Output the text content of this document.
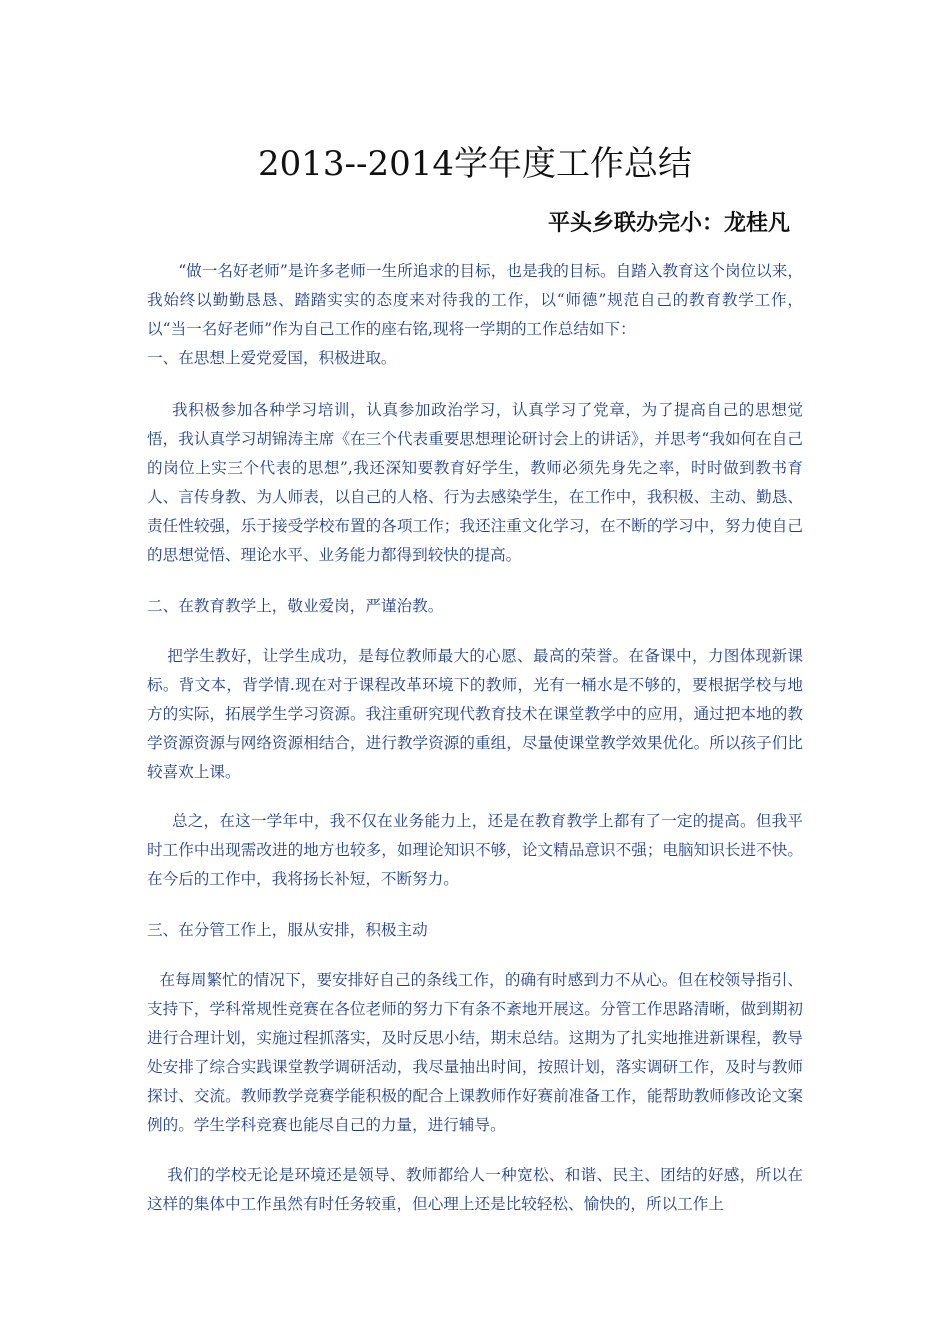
2013--2014学年度工作总结
平头乡联办完小：龙桂凡

“做一名好老师”是许多老师一生所追求的目标，也是我的目标。自踏入教育这个岗位以来，我始终以勤勤恳恳、踏踏实实的态度来对待我的工作，以“师德”规范自己的教育教学工作，以“当一名好老师”作为自己工作的座右铭,现将一学期的工作总结如下：

一、在思想上爱党爱国，积极进取。

我积极参加各种学习培训，认真参加政治学习，认真学习了党章，为了提高自己的思想觉悟，我认真学习胡锦涛主席《在三个代表重要思想理论研讨会上的讲话》，并思考“我如何在自己的岗位上实三个代表的思想”,我还深知要教育好学生，教师必须先身先之率，时时做到教书育人、言传身教、为人师表，以自己的人格、行为去感染学生，在工作中，我积极、主动、勤恳、责任性较强，乐于接受学校布置的各项工作；我还注重文化学习，在不断的学习中，努力使自己的思想觉悟、理论水平、业务能力都得到较快的提高。

二、在教育教学上，敬业爱岗，严谨治教。

把学生教好，让学生成功，是每位教师最大的心愿、最高的荣誉。在备课中，力图体现新课标。背文本，背学情.现在对于课程改革环境下的教师，光有一桶水是不够的，要根据学校与地方的实际，拓展学生学习资源。我注重研究现代教育技术在课堂教学中的应用，通过把本地的教学资源资源与网络资源相结合，进行教学资源的重组，尽量使课堂教学效果优化。所以孩子们比较喜欢上课。

总之，在这一学年中，我不仅在业务能力上，还是在教育教学上都有了一定的提高。但我平时工作中出现需改进的地方也较多，如理论知识不够，论文精品意识不强；电脑知识长进不快。在今后的工作中，我将扬长补短，不断努力。

三、在分管工作上，服从安排，积极主动

在每周繁忙的情况下，要安排好自己的条线工作，的确有时感到力不从心。但在校领导指引、支持下，学科常规性竞赛在各位老师的努力下有条不紊地开展这。分管工作思路清晰，做到期初进行合理计划，实施过程抓落实，及时反思小结，期末总结。这期为了扎实地推进新课程，教导处安排了综合实践课堂教学调研活动，我尽量抽出时间，按照计划，落实调研工作，及时与教师探讨、交流。教师教学竞赛学能积极的配合上课教师作好赛前准备工作，能帮助教师修改论文案例的。学生学科竞赛也能尽自己的力量，进行辅导。

我们的学校无论是环境还是领导、教师都给人一种宽松、和谐、民主、团结的好感，所以在这样的集体中工作虽然有时任务较重，但心理上还是比较轻松、愉快的，所以工作上
